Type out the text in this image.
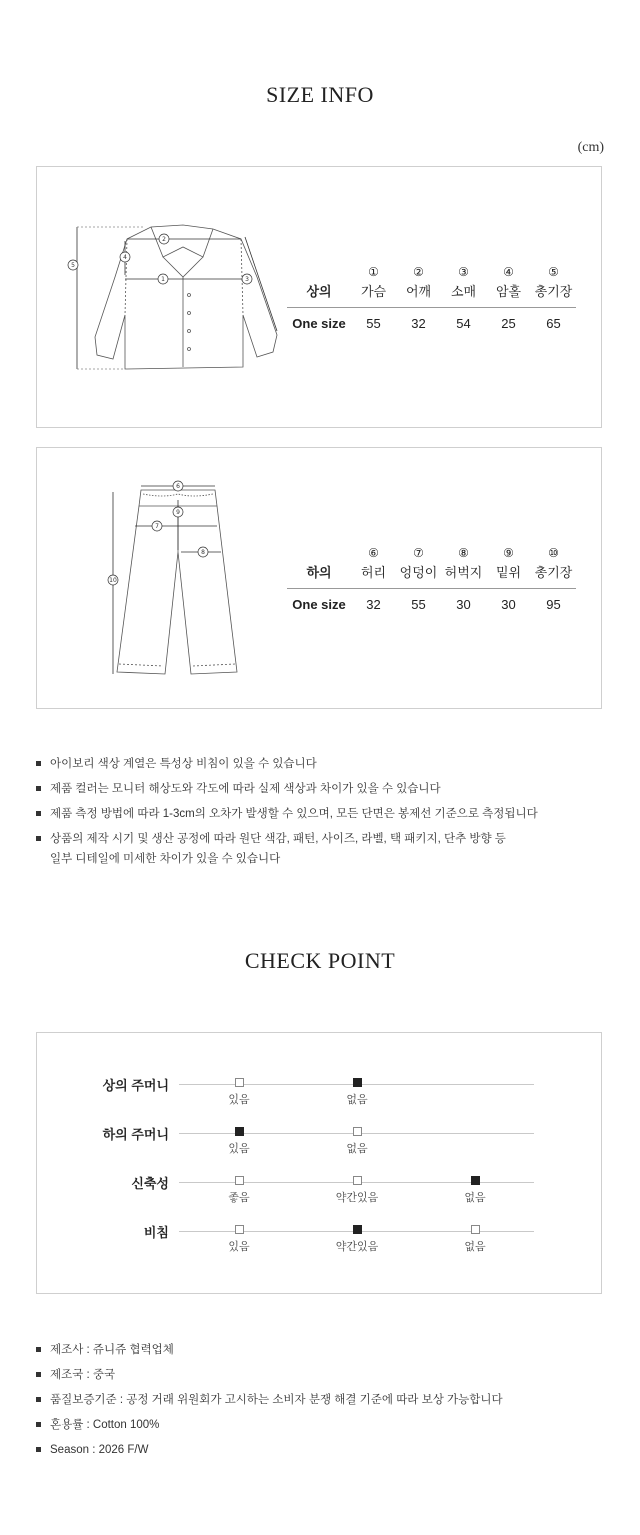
SIZE INFO
(cm)
2
1	3
4
5
		①	②	③	④	⑤
상의	가슴	어깨	소매	암홀	총기장
One size	55	32	54	25	65
6
9
7
8
10
	⑥	⑦	⑧	⑨	⑩
하의	허리	엉덩이	허벅지	밑위	총기장
One size	32	55	30	30	95
아이보리 색상 계열은 특성상 비침이 있을 수 있습니다
제품 컬러는 모니터 해상도와 각도에 따라 실제 색상과 차이가 있을 수 있습니다
제품 측정 방법에 따라 1-3cm의 오차가 발생할 수 있으며, 모든 단면은 봉제선 기준으로 측정됩니다
상품의 제작 시기 및 생산 공정에 따라 원단 색감, 패턴, 사이즈, 라벨, 택 패키지, 단추 방향 등
일부 디테일에 미세한 차이가 있을 수 있습니다
CHECK POINT
상의 주머니
있음	없음
하의 주머니
있음	없음
신축성
좋음	약간있음	없음
비침
있음	약간있음	없음
제조사 : 쥬니쥬 협력업체
제조국 : 중국
품질보증기준 : 공정 거래 위원회가 고시하는 소비자 분쟁 해결 기준에 따라 보상 가능합니다
혼용률 : Cotton 100%
Season : 2026 F/W
